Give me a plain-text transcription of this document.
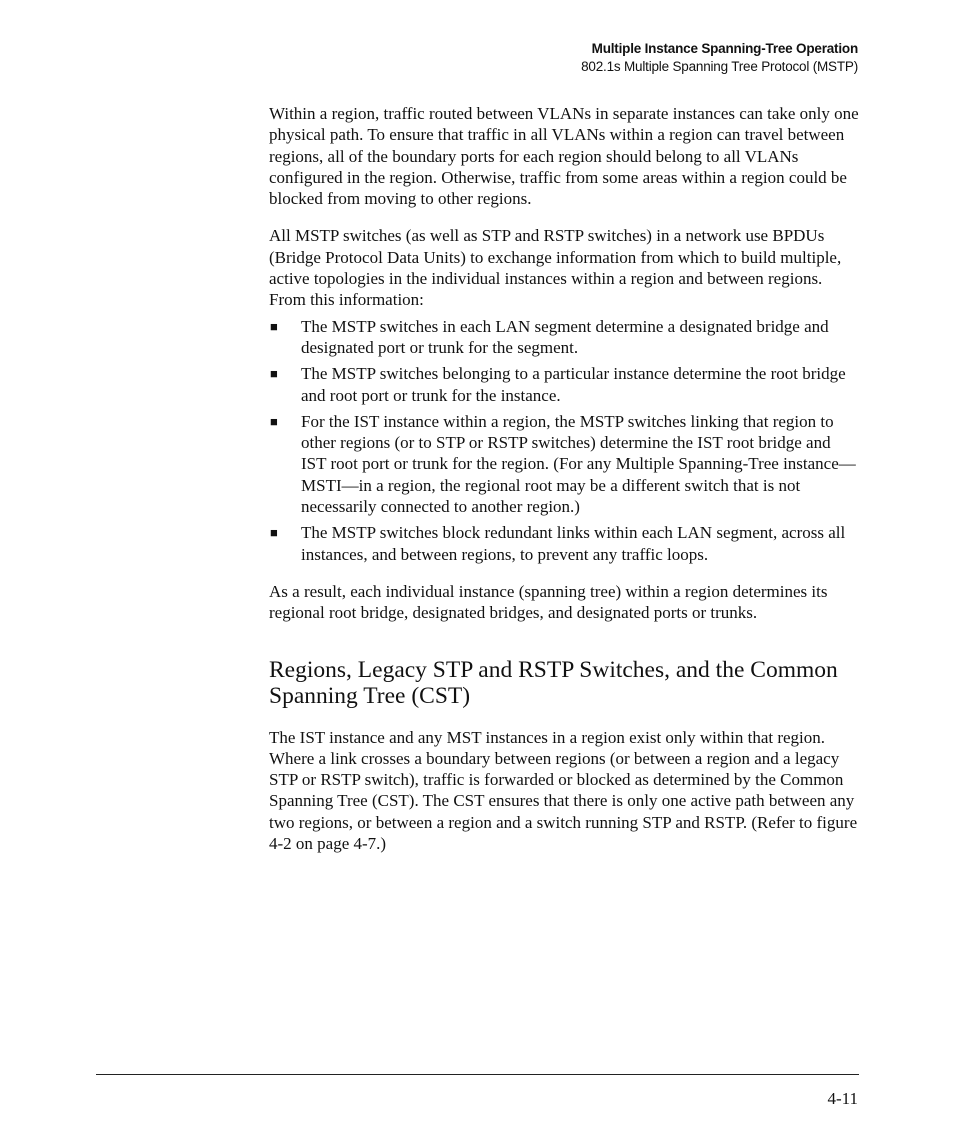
Multiple Instance Spanning-Tree Operation
802.1s Multiple Spanning Tree Protocol (MSTP)

Within a region, traffic routed between VLANs in separate instances can take only one physical path. To ensure that traffic in all VLANs within a region can travel between regions, all of the boundary ports for each region should belong to all VLANs configured in the region. Otherwise, traffic from some areas within a region could be blocked from moving to other regions.

All MSTP switches (as well as STP and RSTP switches) in a network use BPDUs (Bridge Protocol Data Units) to exchange information from which to build multiple, active topologies in the individual instances within a region and between regions. From this information:

■ The MSTP switches in each LAN segment determine a designated bridge and designated port or trunk for the segment.
■ The MSTP switches belonging to a particular instance determine the root bridge and root port or trunk for the instance.
■ For the IST instance within a region, the MSTP switches linking that region to other regions (or to STP or RSTP switches) determine the IST root bridge and IST root port or trunk for the region. (For any Multiple Spanning-Tree instance—MSTI—in a region, the regional root may be a different switch that is not necessarily connected to another region.)
■ The MSTP switches block redundant links within each LAN segment, across all instances, and between regions, to prevent any traffic loops.

As a result, each individual instance (spanning tree) within a region determines its regional root bridge, designated bridges, and designated ports or trunks.

Regions, Legacy STP and RSTP Switches, and the Common Spanning Tree (CST)

The IST instance and any MST instances in a region exist only within that region. Where a link crosses a boundary between regions (or between a region and a legacy STP or RSTP switch), traffic is forwarded or blocked as determined by the Common Spanning Tree (CST). The CST ensures that there is only one active path between any two regions, or between a region and a switch running STP and RSTP. (Refer to figure 4-2 on page 4-7.)

4-11
